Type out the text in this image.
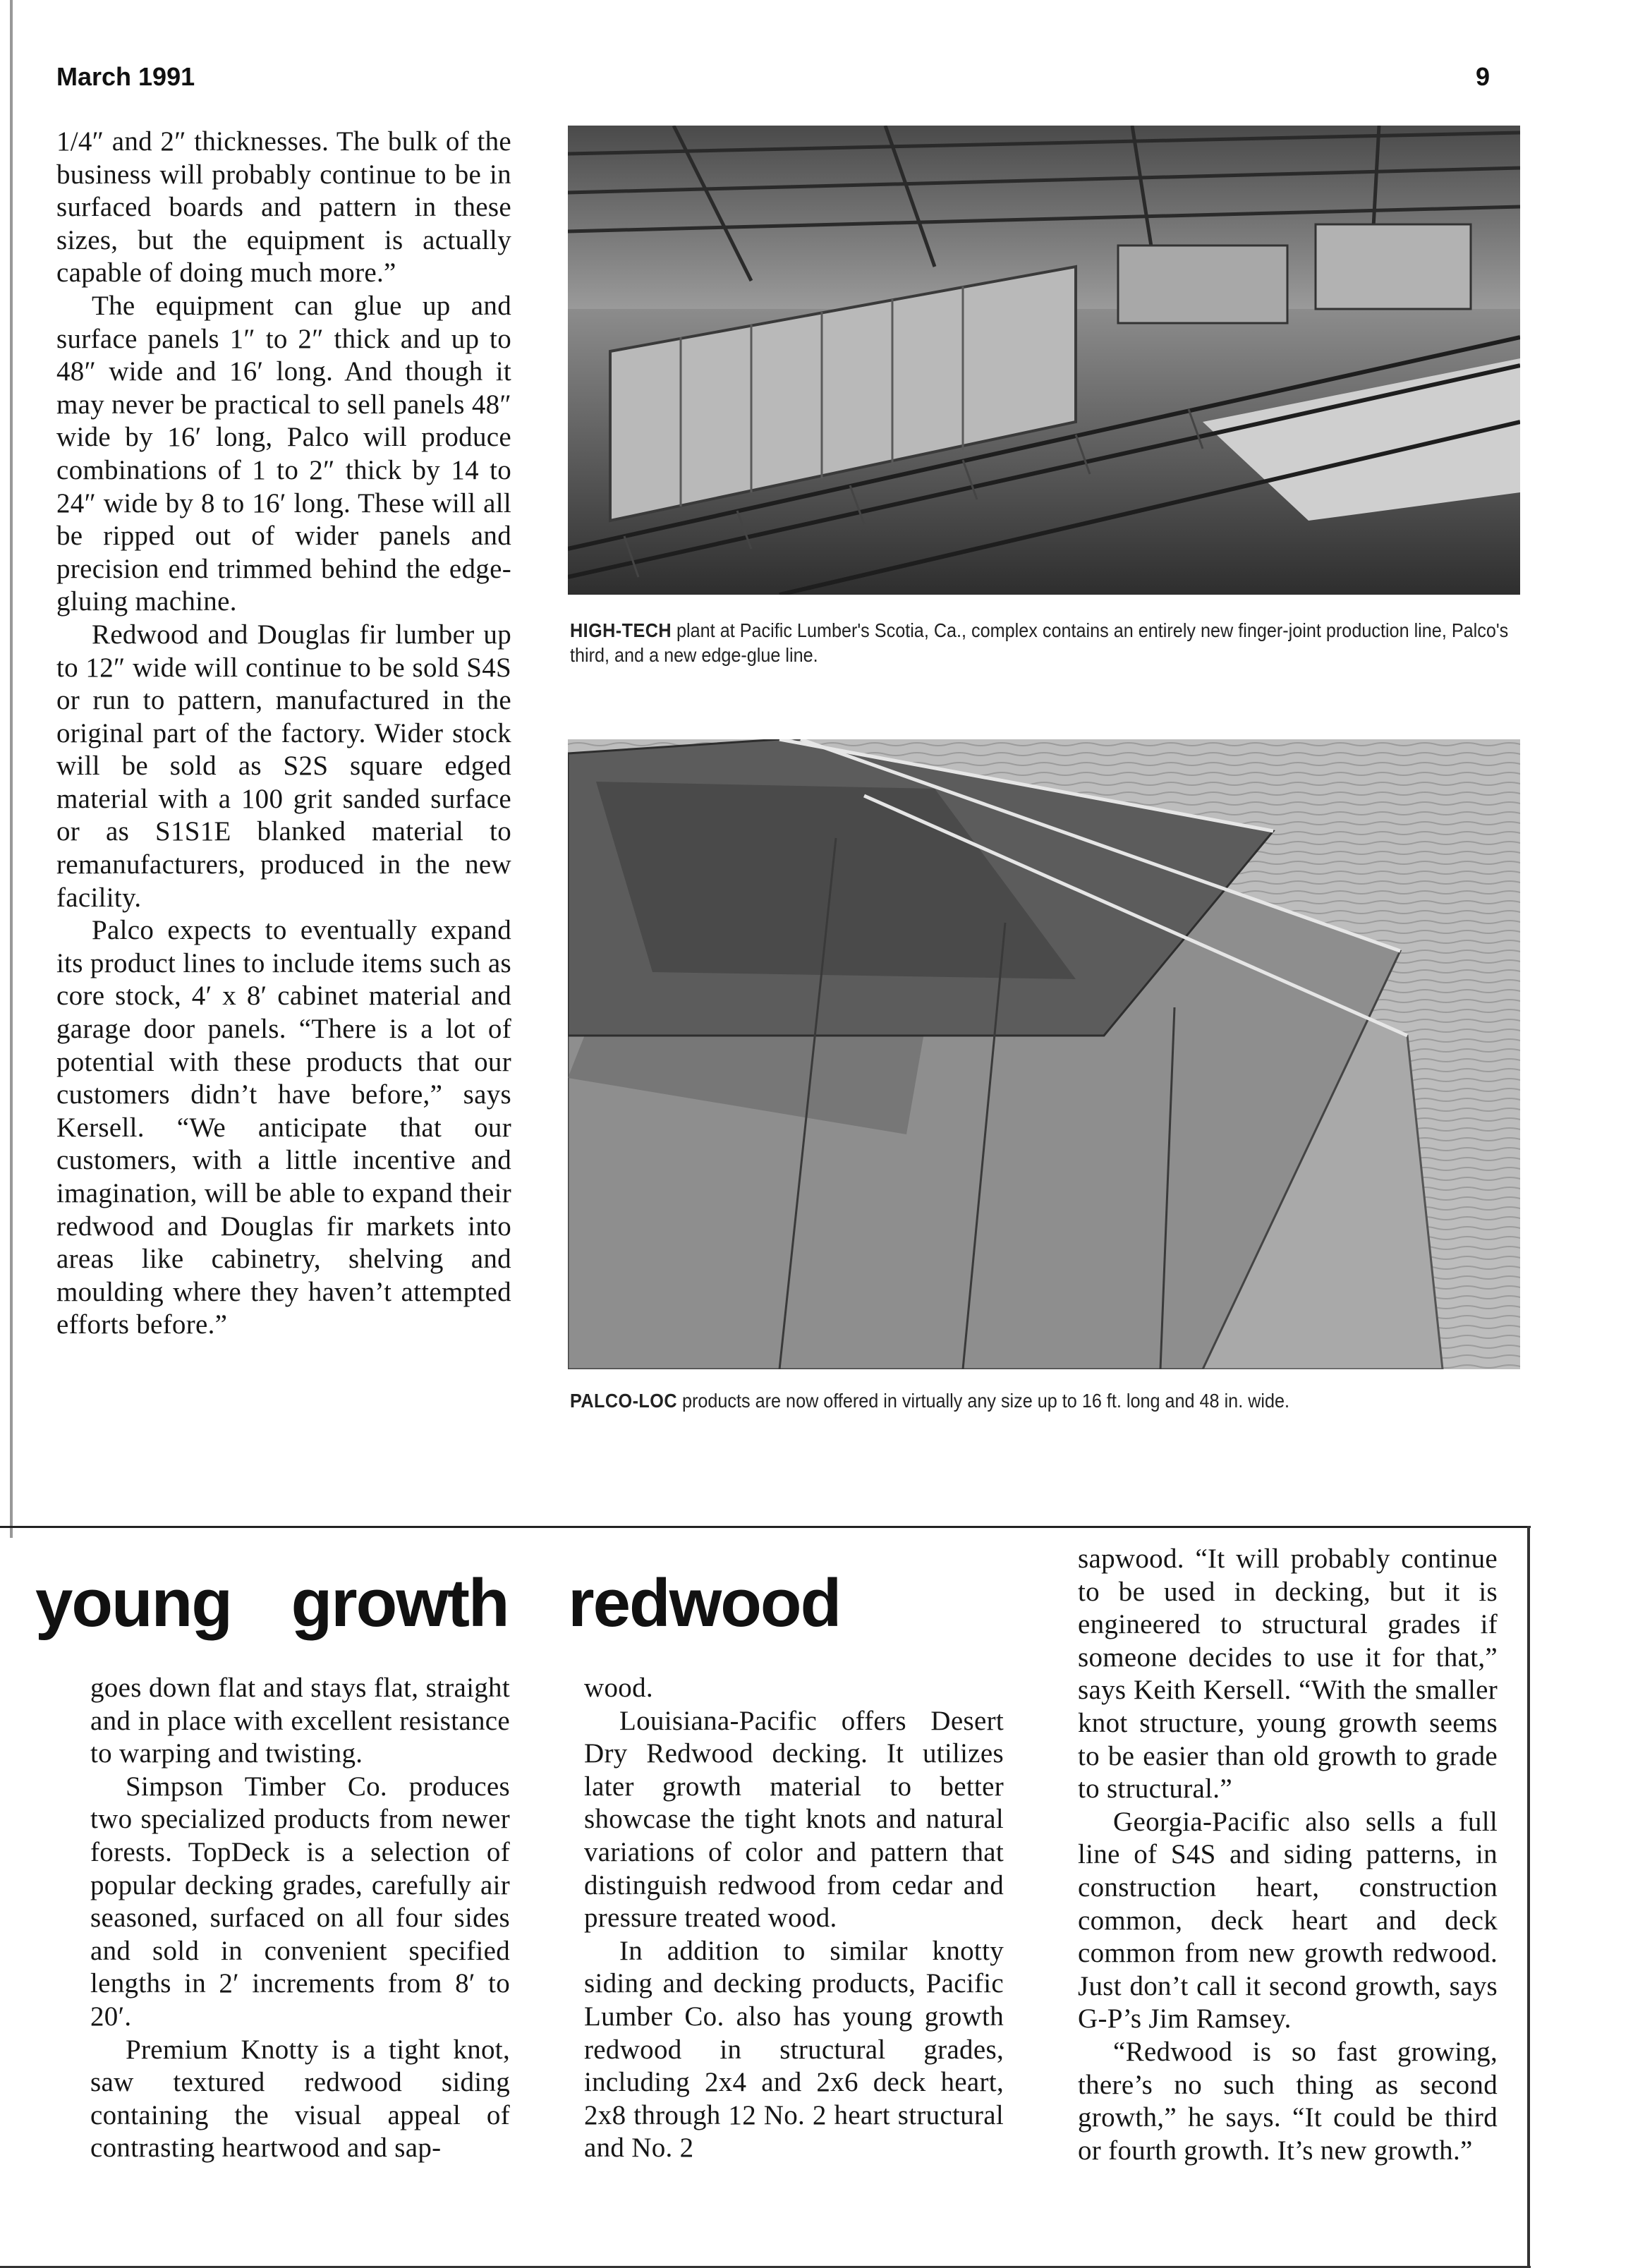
March 1991	9

1/4″ and 2″ thicknesses. The bulk of the business will probably continue to be in surfaced boards and pattern in these sizes, but the equipment is actually capable of doing much more.”

The equipment can glue up and surface panels 1″ to 2″ thick and up to 48″ wide and 16′ long. And though it may never be practical to sell panels 48″ wide by 16′ long, Palco will produce combinations of 1 to 2″ thick by 14 to 24″ wide by 8 to 16′ long. These will all be ripped out of wider panels and precision end trimmed behind the edge-gluing machine.

Redwood and Douglas fir lumber up to 12″ wide will continue to be sold S4S or run to pattern, manufactured in the original part of the factory. Wider stock will be sold as S2S square edged material with a 100 grit sanded surface or as S1S1E blanked material to remanufacturers, produced in the new facility.

Palco expects to eventually expand its product lines to include items such as core stock, 4′ x 8′ cabinet material and garage door panels. “There is a lot of potential with these products that our customers didn’t have before,” says Kersell. “We anticipate that our customers, with a little incentive and imagination, will be able to expand their redwood and Douglas fir markets into areas like cabinetry, shelving and moulding where they haven’t attempted efforts before.”

HIGH-TECH plant at Pacific Lumber's Scotia, Ca., complex contains an entirely new finger-joint production line, Palco's third, and a new edge-glue line.
PALCO-LOC products are now offered in virtually any size up to 16 ft. long and 48 in. wide.
young growth redwood

goes down flat and stays flat, straight and in place with excellent resistance to warping and twisting.

Simpson Timber Co. produces two specialized products from newer forests. TopDeck is a selection of popular decking grades, carefully air seasoned, surfaced on all four sides and sold in convenient specified lengths in 2′ increments from 8′ to 20′.

Premium Knotty is a tight knot, saw textured redwood siding containing the visual appeal of contrasting heartwood and sap-

wood.

Louisiana-Pacific offers Desert Dry Redwood decking. It utilizes later growth material to better showcase the tight knots and natural variations of color and pattern that distinguish redwood from cedar and pressure treated wood.

In addition to similar knotty siding and decking products, Pacific Lumber Co. also has young growth redwood in structural grades, including 2x4 and 2x6 deck heart, 2x8 through 12 No. 2 heart structural and No. 2

sapwood. “It will probably continue to be used in decking, but it is engineered to structural grades if someone decides to use it for that,” says Keith Kersell. “With the smaller knot structure, young growth seems to be easier than old growth to grade to structural.”

Georgia-Pacific also sells a full line of S4S and siding patterns, in construction heart, construction common, deck heart and deck common from new growth redwood. Just don’t call it second growth, says G-P’s Jim Ramsey.

“Redwood is so fast growing, there’s no such thing as second growth,” he says. “It could be third or fourth growth. It’s new growth.”
